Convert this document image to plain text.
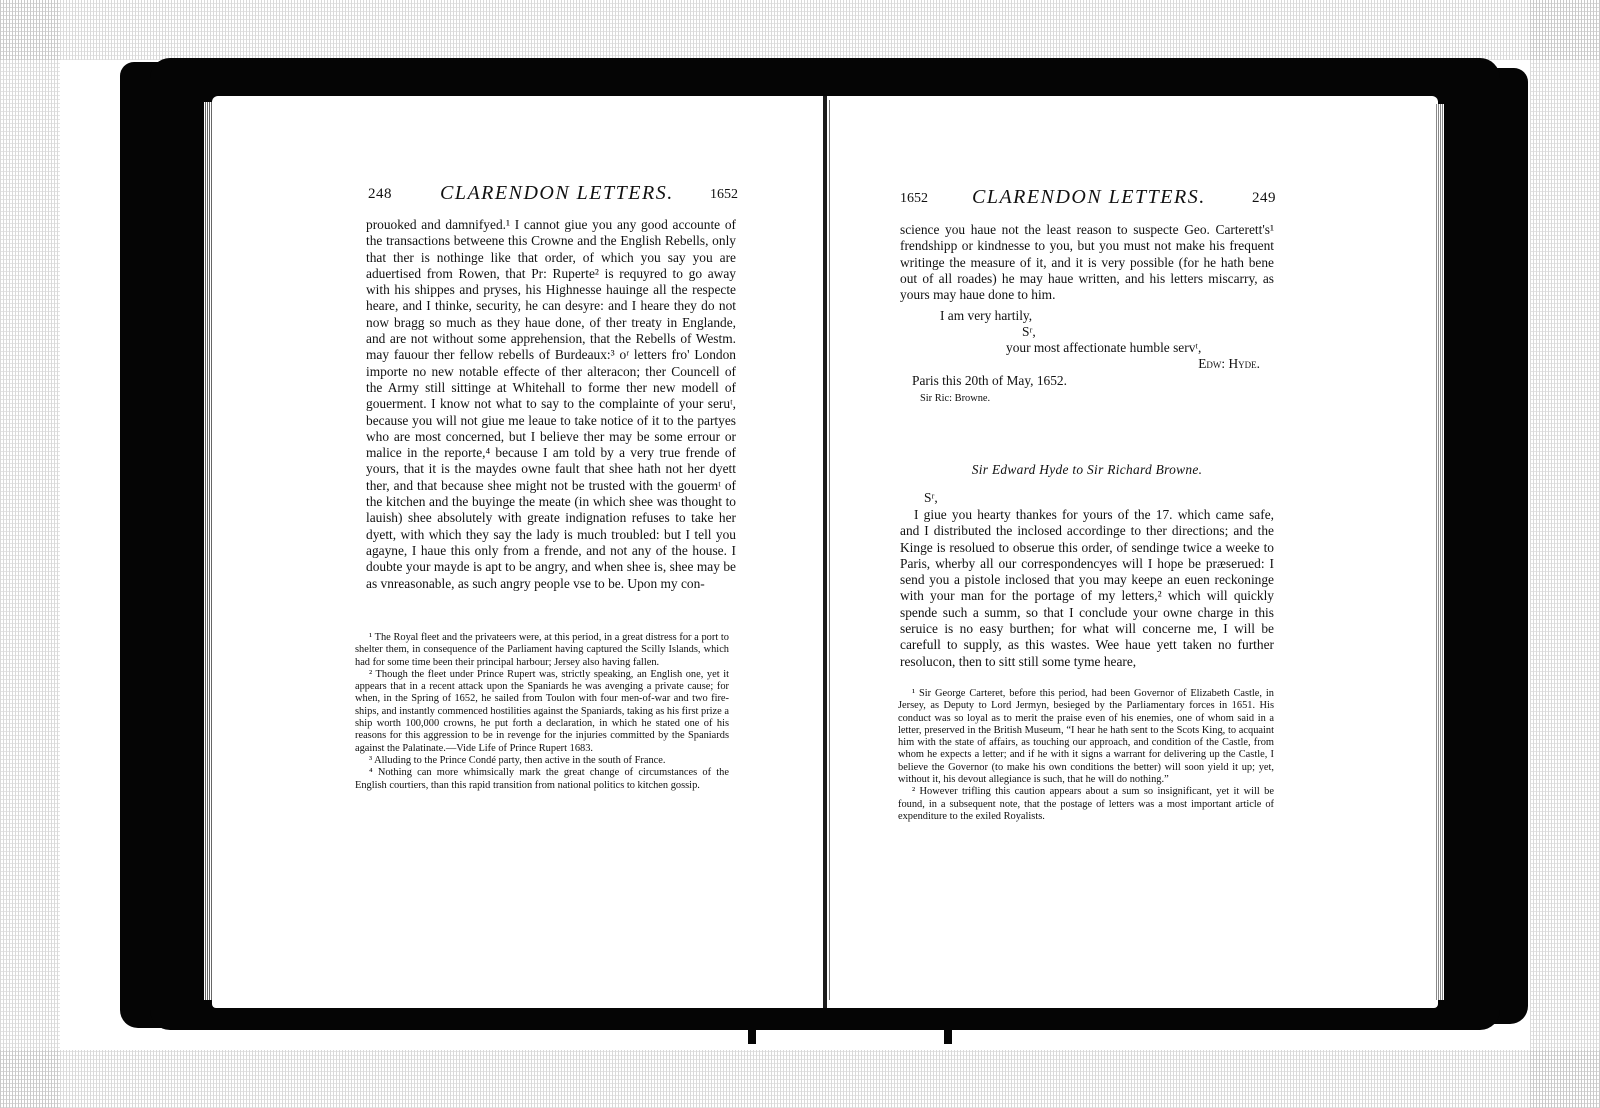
248 CLARENDON LETTERS.	1652

prouoked and damnifyed.¹ I cannot giue you any good accounte of the transactions betweene this Crowne and the English Rebells, only that ther is nothinge like that order, of which you say you are aduertised from Rowen, that Pr: Ruperte² is requyred to go away with his shippes and pryses, his Highnesse hauinge all the respecte heare, and I thinke, security, he can desyre: and I heare they do not now bragg so much as they haue done, of ther treaty in Englande, and are not without some apprehension, that the Rebells of Westm. may fauour ther fellow rebells of Burdeaux:³ oʳ letters fro' London importe no new notable effecte of ther alteracon; ther Councell of the Army still sittinge at Whitehall to forme ther new modell of gouerment. I know not what to say to the complainte of your seruᵗ, because you will not giue me leaue to take notice of it to the partyes who are most concerned, but I believe ther may be some errour or malice in the reporte,⁴ because I am told by a very true frende of yours, that it is the maydes owne fault that shee hath not her dyett ther, and that because shee might not be trusted with the gouermᵗ of the kitchen and the buyinge the meate (in which shee was thought to lauish) shee absolutely with greate indignation refuses to take her dyett, with which they say the lady is much troubled: but I tell you agayne, I haue this only from a frende, and not any of the house. I doubte your mayde is apt to be angry, and when shee is, shee may be as vnreasonable, as such angry people vse to be. Upon my con-

¹ The Royal fleet and the privateers were, at this period, in a great distress for a port to shelter them, in consequence of the Parliament having captured the Scilly Islands, which had for some time been their principal harbour; Jersey also having fallen.

² Though the fleet under Prince Rupert was, strictly speaking, an English one, yet it appears that in a recent attack upon the Spaniards he was avenging a private cause; for when, in the Spring of 1652, he sailed from Toulon with four men-of-war and two fire-ships, and instantly commenced hostilities against the Spaniards, taking as his first prize a ship worth 100,000 crowns, he put forth a declaration, in which he stated one of his reasons for this aggression to be in revenge for the injuries committed by the Spaniards against the Palatinate.—Vide Life of Prince Rupert 1683.

³ Alluding to the Prince Condé party, then active in the south of France.

⁴ Nothing can more whimsically mark the great change of circumstances of the English courtiers, than this rapid transition from national politics to kitchen gossip.

1652 CLARENDON LETTERS.	249

science you haue not the least reason to suspecte Geo. Carterett's¹ frendshipp or kindnesse to you, but you must not make his frequent writinge the measure of it, and it is very possible (for he hath bene out of all roades) he may haue written, and his letters miscarry, as yours may haue done to him.

I am very hartily,
Sʳ,
your most affectionate humble servᵗ,
Edw: Hyde.
Paris this 20th of May, 1652.
Sir Ric: Browne.
Sir Edward Hyde to Sir Richard Browne.
Sʳ,

I giue you hearty thankes for yours of the 17. which came safe, and I distributed the inclosed accordinge to ther directions; and the Kinge is resolued to obserue this order, of sendinge twice a weeke to Paris, wherby all our correspondencyes will I hope be præserued: I send you a pistole inclosed that you may keepe an euen reckoninge with your man for the portage of my letters,² which will quickly spende such a summ, so that I conclude your owne charge in this seruice is no easy burthen; for what will concerne me, I will be carefull to supply, as this wastes. Wee haue yett taken no further resolucon, then to sitt still some tyme heare,

¹ Sir George Carteret, before this period, had been Governor of Elizabeth Castle, in Jersey, as Deputy to Lord Jermyn, besieged by the Parliamentary forces in 1651. His conduct was so loyal as to merit the praise even of his enemies, one of whom said in a letter, preserved in the British Museum, “I hear he hath sent to the Scots King, to acquaint him with the state of affairs, as touching our approach, and condition of the Castle, from whom he expects a letter; and if he with it signs a warrant for delivering up the Castle, I believe the Governor (to make his own conditions the better) will soon yield it up; yet, without it, his devout allegiance is such, that he will do nothing.”

² However trifling this caution appears about a sum so insignificant, yet it will be found, in a subsequent note, that the postage of letters was a most important article of expenditure to the exiled Royalists.
